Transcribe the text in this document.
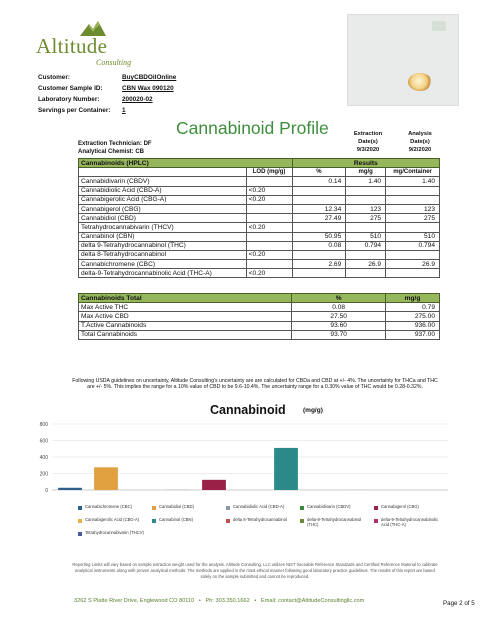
Altitude
Consulting
Customer:	BuyCBDOilOnline
Customer Sample ID:	CBN Wax 090120
Laboratory Number:	200020-02
Servings per Container:	1
Cannabinoid Profile
Extraction Technician: DF
Analytical Chemist: CB
Extraction
Date(s)
9/3/2020
Analysis
Date(s)
9/2/2020
Cannabinoids (HPLC)		Results		
	LOD (mg/g)	%	mg/g	mg/Container
Cannabidivarin (CBDV)		0.14	1.40	1.40
Cannabidiolic Acid (CBD-A)	<0.20			
Cannabigerolic Acid (CBG-A)	<0.20			
Cannabigerol (CBG)		12.34	123	123
Cannabidiol (CBD)		27.49	275	275
Tetrahydrocannabivarin (THCV)	<0.20			
Cannabinol (CBN)		50.95	510	510
delta 9-Tetrahydrocannabinol (THC)		0.08	0.794	0.794
delta 8-Tetrahydrocannabinol	<0.20			
Cannabichromene (CBC)		2.69	26.9	26.9
delta-9-Tetrahydrocannabinolic Acid (THC-A)	<0.20			
Cannabinoids Total	%	mg/g
Max Active THC	0.08	0.79
Max Active CBD	27.50	275.00
T.Active Cannabinoids	93.60	936.00
Total Cannabinoids	93.70	937.00
Following USDA guidelines on uncertainty, Altitude Consulting's uncertainty are are calculated for CBDa and CBD at +/- 4%. The uncertainty for THCa and THC are +/- 5%. This implies the range for a 10% value of CBD to be 9.6-10.4%. The uncertainty range for a 0.30% value of THC would be 0.28-0.32%.
Cannabinoid	(mg/g)
0
200
400
600
800
Cannabichromene (CBC)	Cannabidiol (CBD)	Cannabidiolic Acid (CBD-A)	Cannabidivarin (CBDV)	Cannabigerol (CBG)
Cannabigerolic Acid (CBG-A)	Cannabinol (CBN)	delta 8-Tetrahydrocannabinol	delta-9-Tetrahydrocannabinol (THC)
delta-9-Tetrahydrocannabinolic Acid (THC-A)
Tetrahydrocannabivarin (THCV)
Reporting Limits will vary based on sample extraction weight used for the analysis. Altitude Consulting, LLC utilizes NIST traceable Reference Standards and Certified Reference Material to calibrate analytical instruments along with proven analytical methods. The methods are applied in the most ethical manner following good laboratory practice guidelines. The results of this report are based solely on the sample submitted and cannot be reproduced.
3262 S Platte River Drive, Englewood CO 80110   •   Ph: 303.350.1662   •   Email: contact@AltitudeConsultingllc.com	Page 2 of 5
